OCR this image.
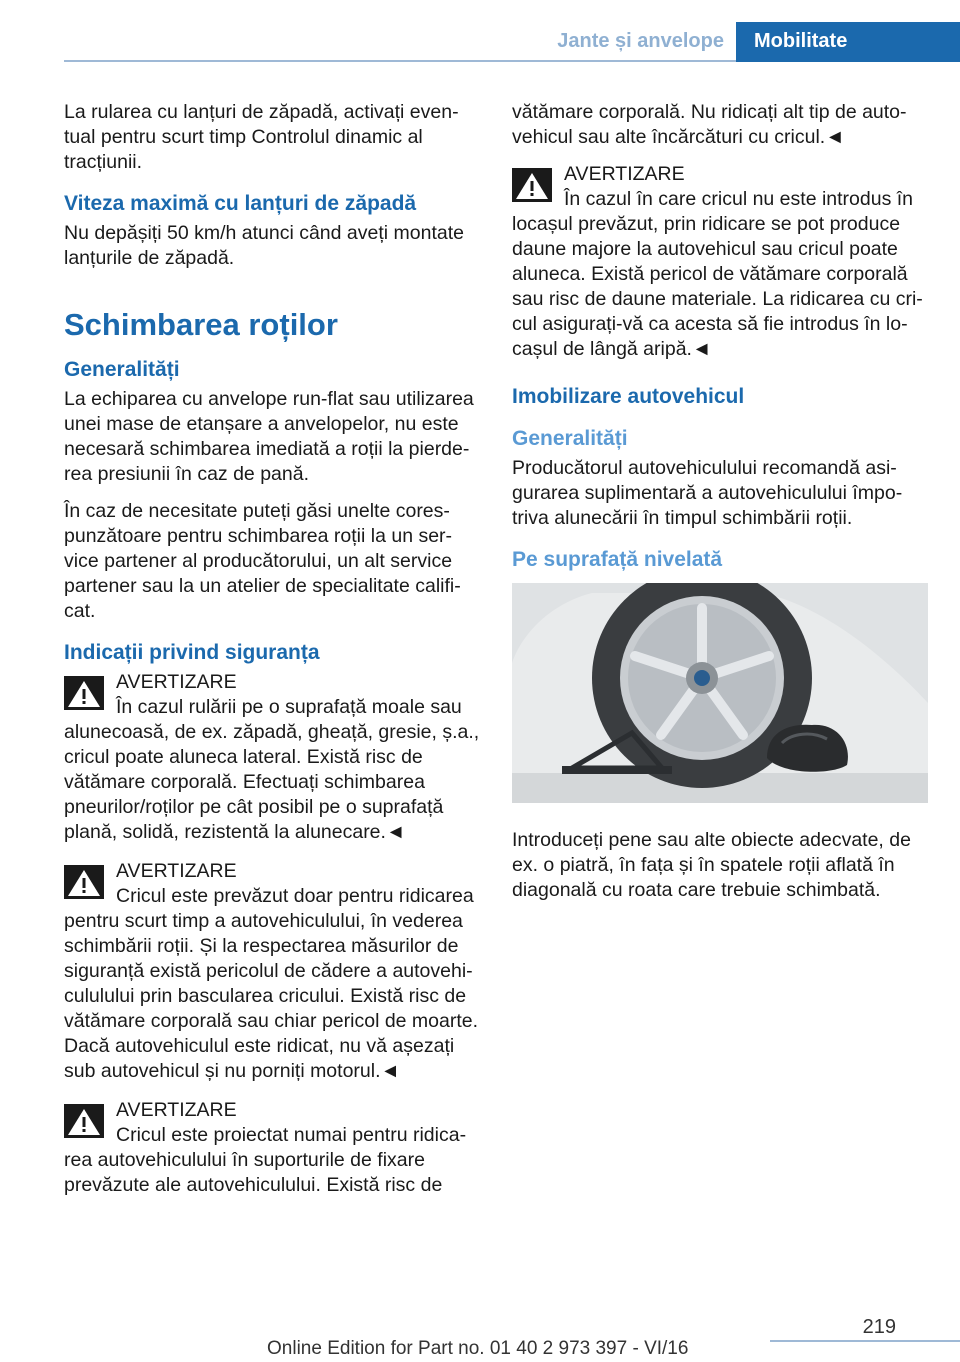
Jante și anvelope	Mobilitate

La rularea cu lanțuri de zăpadă, activați even‐tual pentru scurt timp Controlul dinamic al tracțiunii.

Viteza maximă cu lanțuri de zăpadă

Nu depășiți 50 km/h atunci când aveți montate lanțurile de zăpadă.

Schimbarea roților
Generalități

La echiparea cu anvelope run-flat sau utilizarea unei mase de etanșare a anvelopelor, nu este necesară schimbarea imediată a roții la pierde‐rea presiunii în caz de pană.

În caz de necesitate puteți găsi unelte cores‐punzătoare pentru schimbarea roții la un ser‐vice partener al producătorului, un alt service partener sau la un atelier de specialitate califi‐cat.

Indicații privind siguranța
AVERTIZARE
În cazul rulării pe o suprafață moale sau alunecoasă, de ex. zăpadă, gheață, gresie, ș.a., cricul poate aluneca lateral. Există risc de vătămare corporală. Efectuați schimbarea pneurilor/roților pe cât posibil pe o suprafață plană, solidă, rezistentă la alunecare.◄
AVERTIZARE
Cricul este prevăzut doar pentru ridicarea pentru scurt timp a autovehiculului, în vederea schimbării roții. Și la respectarea măsurilor de siguranță există pericolul de cădere a autovehi‐cululului prin bascularea cricului. Există risc de vătămare corporală sau chiar pericol de moarte. Dacă autovehiculul este ridicat, nu vă așezați sub autovehicul și nu porniți motorul.◄
AVERTIZARE
Cricul este proiectat numai pentru ridica‐rea autovehiculului în suporturile de fixare prevăzute ale autovehiculului. Există risc de

vătămare corporală. Nu ridicați alt tip de auto‐vehicul sau alte încărcături cu cricul.◄

AVERTIZARE
În cazul în care cricul nu este introdus în locașul prevăzut, prin ridicare se pot produce daune majore la autovehicul sau cricul poate aluneca. Există pericol de vătămare corporală sau risc de daune materiale. La ridicarea cu cri‐cul asigurați-vă ca acesta să fie introdus în lo‐cașul de lângă aripă.◄
Imobilizare autovehicul
Generalități

Producătorul autovehiculului recomandă asi‐gurarea suplimentară a autovehiculului împo‐triva alunecării în timpul schimbării roții.

Pe suprafață nivelată

Introduceți pene sau alte obiecte adecvate, de ex. o piatră, în fața și în spatele roții aflată în diagonală cu roata care trebuie schimbată.

219
Online Edition for Part no. 01 40 2 973 397 - VI/16
